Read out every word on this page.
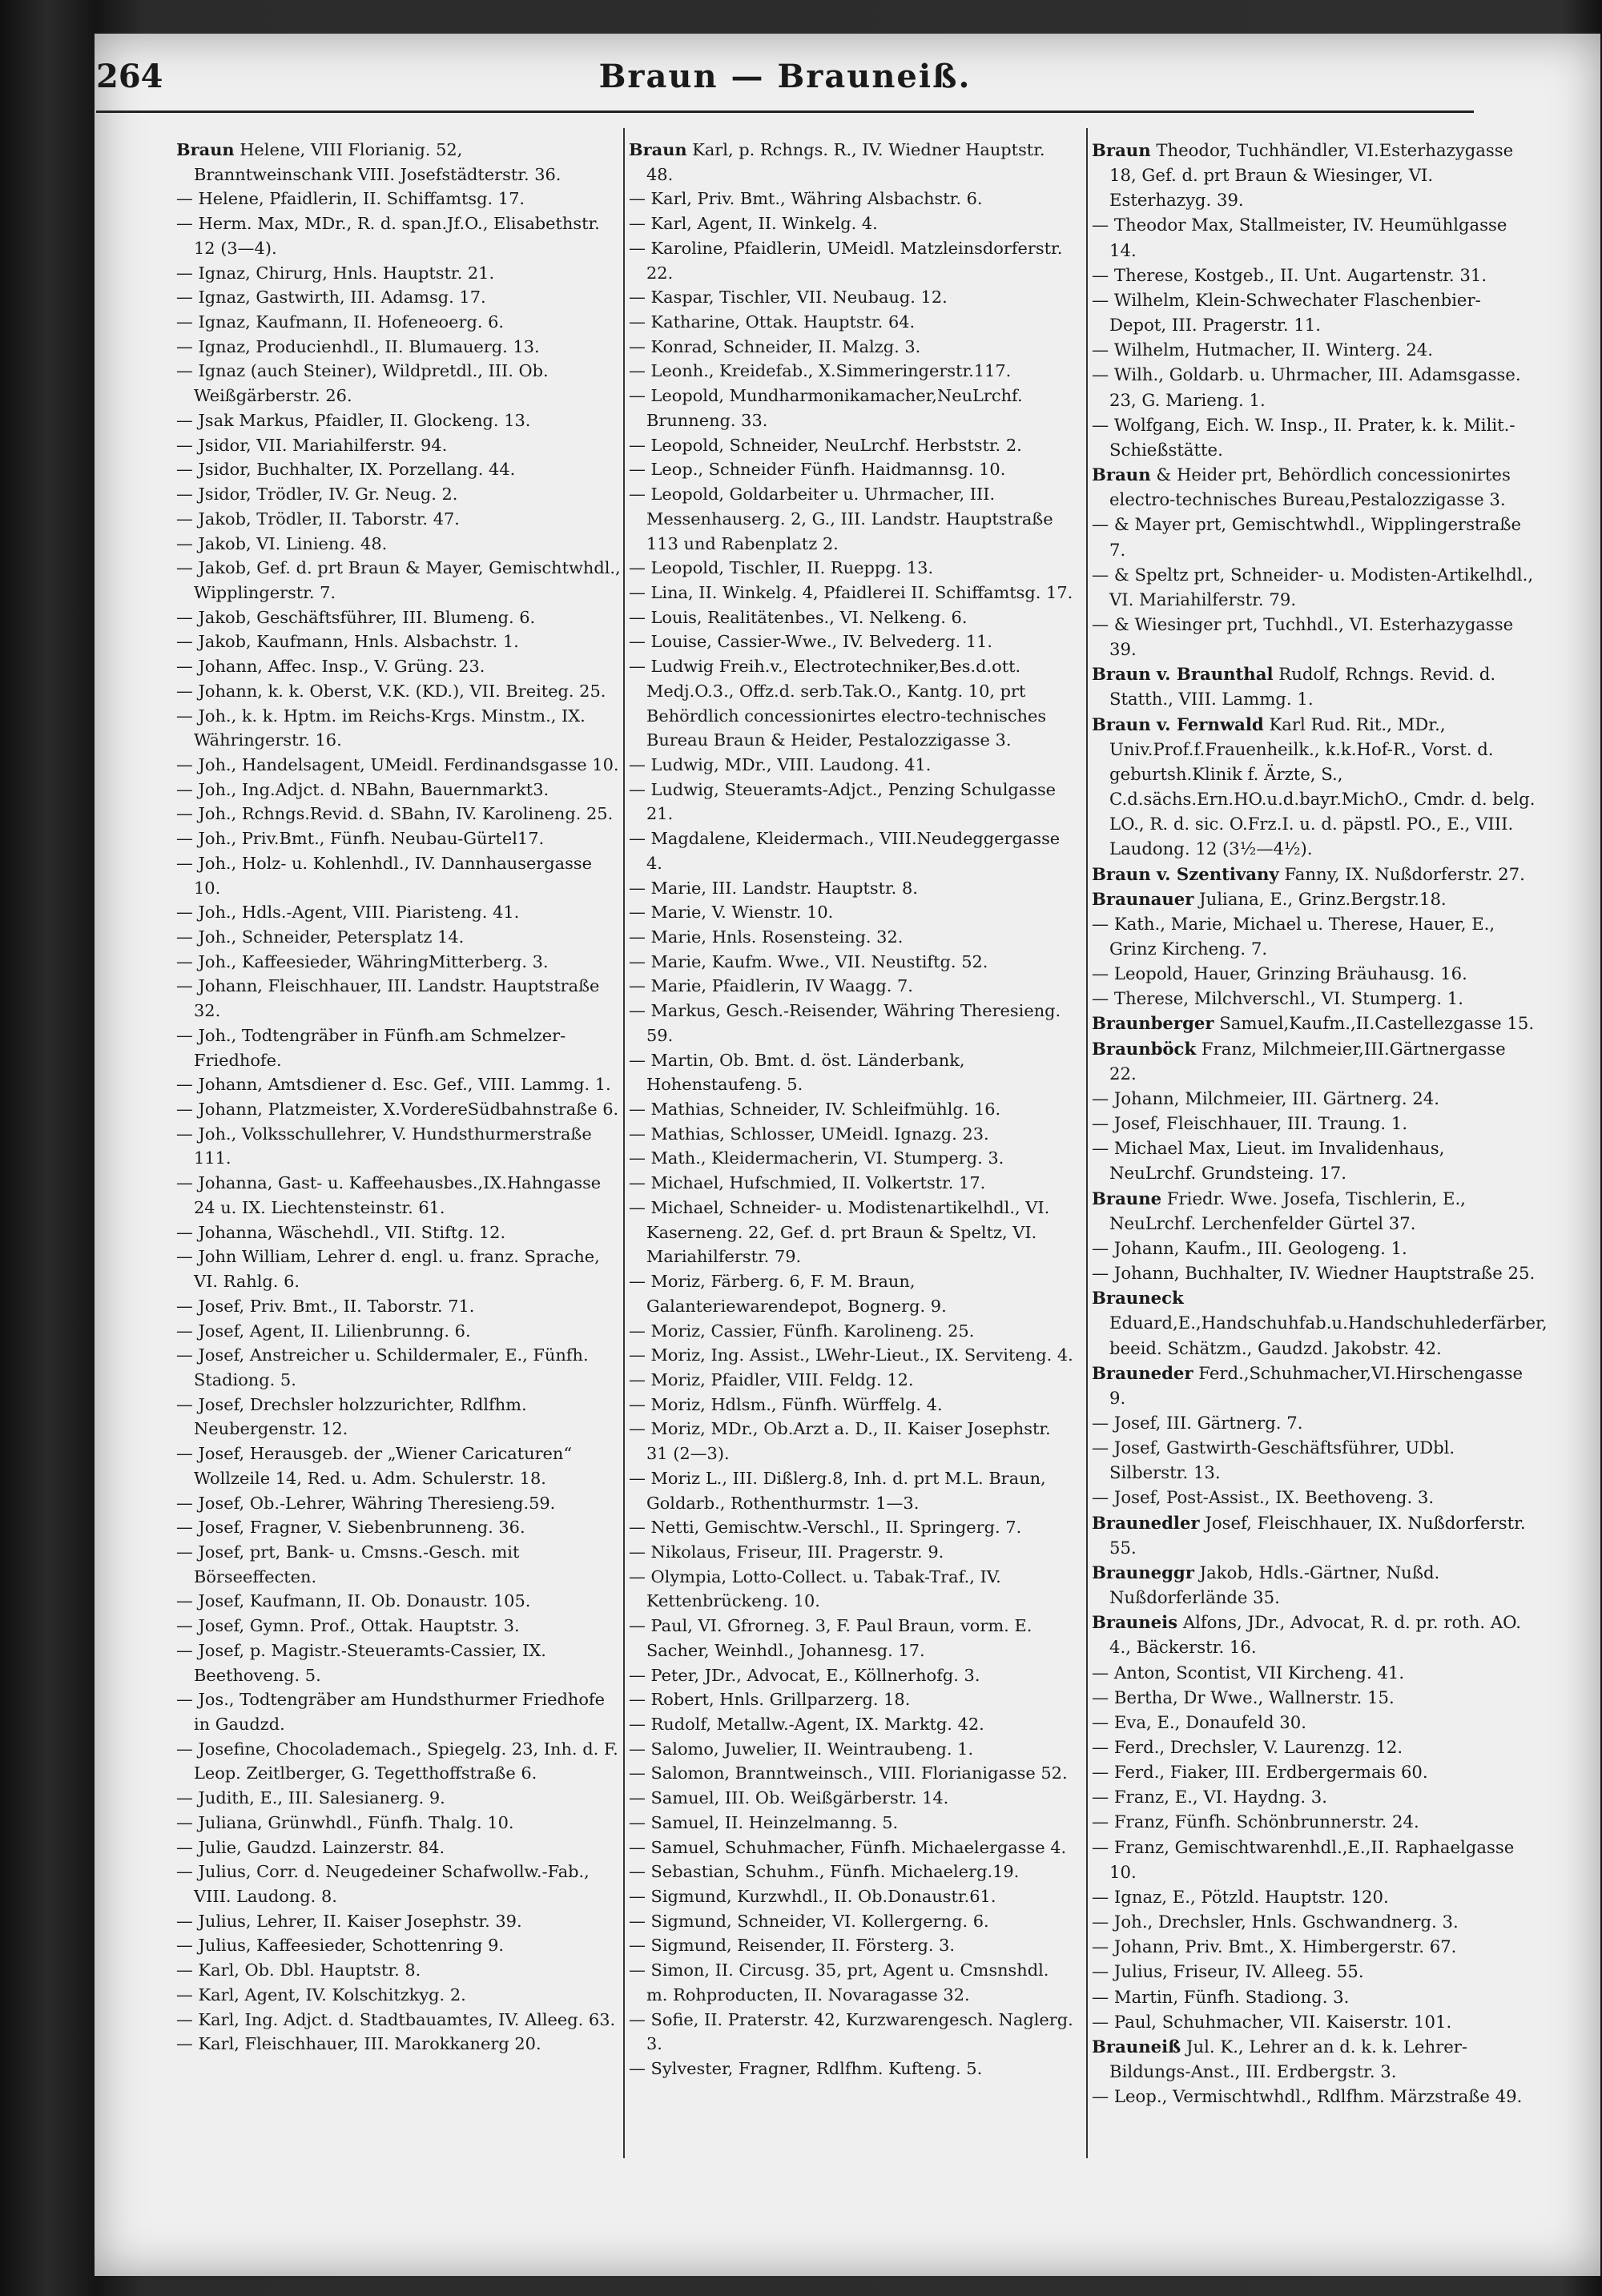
264	Braun — Brauneiß.
Braun Helene, VIII Florianig. 52, Branntweinschank VIII. Josefstädterstr. 36.
— Helene, Pfaidlerin, II. Schiffamtsg. 17.
— Herm. Max, MDr., R. d. span.Jf.O., Elisabethstr. 12 (3—4).
— Ignaz, Chirurg, Hnls. Hauptstr. 21.
— Ignaz, Gastwirth, III. Adamsg. 17.
— Ignaz, Kaufmann, II. Hofeneoerg. 6.
— Ignaz, Producienhdl., II. Blumauerg. 13.
— Ignaz (auch Steiner), Wildpretdl., III. Ob. Weißgärberstr. 26.
— Jsak Markus, Pfaidler, II. Glockeng. 13.
— Jsidor, VII. Mariahilferstr. 94.
— Jsidor, Buchhalter, IX. Porzellang. 44.
— Jsidor, Trödler, IV. Gr. Neug. 2.
— Jakob, Trödler, II. Taborstr. 47.
— Jakob, VI. Linieng. 48.
— Jakob, Gef. d. prt Braun & Mayer, Gemischtwhdl., Wipplingerstr. 7.
— Jakob, Geschäftsführer, III. Blumeng. 6.
— Jakob, Kaufmann, Hnls. Alsbachstr. 1.
— Johann, Affec. Insp., V. Grüng. 23.
— Johann, k. k. Oberst, V.K. (KD.), VII. Breiteg. 25.
— Joh., k. k. Hptm. im Reichs-Krgs. Minstm., IX. Währingerstr. 16.
— Joh., Handelsagent, UMeidl. Ferdinandsgasse 10.
— Joh., Ing.Adjct. d. NBahn, Bauernmarkt3.
— Joh., Rchngs.Revid. d. SBahn, IV. Karolineng. 25.
— Joh., Priv.Bmt., Fünfh. Neubau-Gürtel17.
— Joh., Holz- u. Kohlenhdl., IV. Dannhausergasse 10.
— Joh., Hdls.-Agent, VIII. Piaristeng. 41.
— Joh., Schneider, Petersplatz 14.
— Joh., Kaffeesieder, WähringMitterberg. 3.
— Johann, Fleischhauer, III. Landstr. Hauptstraße 32.
— Joh., Todtengräber in Fünfh.am Schmelzer-Friedhofe.
— Johann, Amtsdiener d. Esc. Gef., VIII. Lammg. 1.
— Johann, Platzmeister, X.VordereSüdbahnstraße 6.
— Joh., Volksschullehrer, V. Hundsthurmerstraße 111.
— Johanna, Gast- u. Kaffeehausbes.,IX.Hahngasse 24 u. IX. Liechtensteinstr. 61.
— Johanna, Wäschehdl., VII. Stiftg. 12.
— John William, Lehrer d. engl. u. franz. Sprache, VI. Rahlg. 6.
— Josef, Priv. Bmt., II. Taborstr. 71.
— Josef, Agent, II. Lilienbrunng. 6.
— Josef, Anstreicher u. Schildermaler, E., Fünfh. Stadiong. 5.
— Josef, Drechsler holzzurichter, Rdlfhm. Neubergenstr. 12.
— Josef, Herausgeb. der „Wiener Caricaturen“ Wollzeile 14, Red. u. Adm. Schulerstr. 18.
— Josef, Ob.-Lehrer, Währing Theresieng.59.
— Josef, Fragner, V. Siebenbrunneng. 36.
— Josef, prt, Bank- u. Cmsns.-Gesch. mit Börseeffecten.
— Josef, Kaufmann, II. Ob. Donaustr. 105.
— Josef, Gymn. Prof., Ottak. Hauptstr. 3.
— Josef, p. Magistr.-Steueramts-Cassier, IX. Beethoveng. 5.
— Jos., Todtengräber am Hundsthurmer Friedhofe in Gaudzd.
— Josefine, Chocolademach., Spiegelg. 23, Inh. d. F. Leop. Zeitlberger, G. Tegetthoffstraße 6.
— Judith, E., III. Salesianerg. 9.
— Juliana, Grünwhdl., Fünfh. Thalg. 10.
— Julie, Gaudzd. Lainzerstr. 84.
— Julius, Corr. d. Neugedeiner Schafwollw.-Fab., VIII. Laudong. 8.
— Julius, Lehrer, II. Kaiser Josephstr. 39.
— Julius, Kaffeesieder, Schottenring 9.
— Karl, Ob. Dbl. Hauptstr. 8.
— Karl, Agent, IV. Kolschitzkyg. 2.
— Karl, Ing. Adjct. d. Stadtbauamtes, IV. Alleeg. 63.
— Karl, Fleischhauer, III. Marokkanerg 20.
Braun Karl, p. Rchngs. R., IV. Wiedner Hauptstr. 48.
— Karl, Priv. Bmt., Währing Alsbachstr. 6.
— Karl, Agent, II. Winkelg. 4.
— Karoline, Pfaidlerin, UMeidl. Matzleinsdorferstr. 22.
— Kaspar, Tischler, VII. Neubaug. 12.
— Katharine, Ottak. Hauptstr. 64.
— Konrad, Schneider, II. Malzg. 3.
— Leonh., Kreidefab., X.Simmeringerstr.117.
— Leopold, Mundharmonikamacher,NeuLrchf. Brunneng. 33.
— Leopold, Schneider, NeuLrchf. Herbststr. 2.
— Leop., Schneider Fünfh. Haidmannsg. 10.
— Leopold, Goldarbeiter u. Uhrmacher, III. Messenhauserg. 2, G., III. Landstr. Hauptstraße 113 und Rabenplatz 2.
— Leopold, Tischler, II. Rueppg. 13.
— Lina, II. Winkelg. 4, Pfaidlerei II. Schiffamtsg. 17.
— Louis, Realitätenbes., VI. Nelkeng. 6.
— Louise, Cassier-Wwe., IV. Belvederg. 11.
— Ludwig Freih.v., Electrotechniker,Bes.d.ott. Medj.O.3., Offz.d. serb.Tak.O., Kantg. 10, prt Behördlich concessionirtes electro-technisches Bureau Braun & Heider, Pestalozzigasse 3.
— Ludwig, MDr., VIII. Laudong. 41.
— Ludwig, Steueramts-Adjct., Penzing Schulgasse 21.
— Magdalene, Kleidermach., VIII.Neudeggergasse 4.
— Marie, III. Landstr. Hauptstr. 8.
— Marie, V. Wienstr. 10.
— Marie, Hnls. Rosensteing. 32.
— Marie, Kaufm. Wwe., VII. Neustiftg. 52.
— Marie, Pfaidlerin, IV Waagg. 7.
— Markus, Gesch.-Reisender, Währing Theresieng. 59.
— Martin, Ob. Bmt. d. öst. Länderbank, Hohenstaufeng. 5.
— Mathias, Schneider, IV. Schleifmühlg. 16.
— Mathias, Schlosser, UMeidl. Ignazg. 23.
— Math., Kleidermacherin, VI. Stumperg. 3.
— Michael, Hufschmied, II. Volkertstr. 17.
— Michael, Schneider- u. Modistenartikelhdl., VI. Kaserneng. 22, Gef. d. prt Braun & Speltz, VI. Mariahilferstr. 79.
— Moriz, Färberg. 6, F. M. Braun, Galanteriewarendepot, Bognerg. 9.
— Moriz, Cassier, Fünfh. Karolineng. 25.
— Moriz, Ing. Assist., LWehr-Lieut., IX. Serviteng. 4.
— Moriz, Pfaidler, VIII. Feldg. 12.
— Moriz, Hdlsm., Fünfh. Würffelg. 4.
— Moriz, MDr., Ob.Arzt a. D., II. Kaiser Josephstr. 31 (2—3).
— Moriz L., III. Dißlerg.8, Inh. d. prt M.L. Braun, Goldarb., Rothenthurmstr. 1—3.
— Netti, Gemischtw.-Verschl., II. Springerg. 7.
— Nikolaus, Friseur, III. Pragerstr. 9.
— Olympia, Lotto-Collect. u. Tabak-Traf., IV. Kettenbrückeng. 10.
— Paul, VI. Gfrorneg. 3, F. Paul Braun, vorm. E. Sacher, Weinhdl., Johannesg. 17.
— Peter, JDr., Advocat, E., Köllnerhofg. 3.
— Robert, Hnls. Grillparzerg. 18.
— Rudolf, Metallw.-Agent, IX. Marktg. 42.
— Salomo, Juwelier, II. Weintraubeng. 1.
— Salomon, Branntweinsch., VIII. Florianigasse 52.
— Samuel, III. Ob. Weißgärberstr. 14.
— Samuel, II. Heinzelmanng. 5.
— Samuel, Schuhmacher, Fünfh. Michaelergasse 4.
— Sebastian, Schuhm., Fünfh. Michaelerg.19.
— Sigmund, Kurzwhdl., II. Ob.Donaustr.61.
— Sigmund, Schneider, VI. Kollergerng. 6.
— Sigmund, Reisender, II. Försterg. 3.
— Simon, II. Circusg. 35, prt, Agent u. Cmsnshdl. m. Rohproducten, II. Novaragasse 32.
— Sofie, II. Praterstr. 42, Kurzwarengesch. Naglerg. 3.
— Sylvester, Fragner, Rdlfhm. Kufteng. 5.
Braun Theodor, Tuchhändler, VI.Esterhazygasse 18, Gef. d. prt Braun & Wiesinger, VI. Esterhazyg. 39.
— Theodor Max, Stallmeister, IV. Heumühlgasse 14.
— Therese, Kostgeb., II. Unt. Augartenstr. 31.
— Wilhelm, Klein-Schwechater Flaschenbier-Depot, III. Pragerstr. 11.
— Wilhelm, Hutmacher, II. Winterg. 24.
— Wilh., Goldarb. u. Uhrmacher, III. Adamsgasse. 23, G. Marieng. 1.
— Wolfgang, Eich. W. Insp., II. Prater, k. k. Milit.-Schießstätte.
Braun & Heider prt, Behördlich concessionirtes electro-technisches Bureau,Pestalozzigasse 3.
— & Mayer prt, Gemischtwhdl., Wipplingerstraße 7.
— & Speltz prt, Schneider- u. Modisten-Artikelhdl., VI. Mariahilferstr. 79.
— & Wiesinger prt, Tuchhdl., VI. Esterhazygasse 39.
Braun v. Braunthal Rudolf, Rchngs. Revid. d. Statth., VIII. Lammg. 1.
Braun v. Fernwald Karl Rud. Rit., MDr., Univ.Prof.f.Frauenheilk., k.k.Hof-R., Vorst. d. geburtsh.Klinik f. Ärzte, S., C.d.sächs.Ern.HO.u.d.bayr.MichO., Cmdr. d. belg. LO., R. d. sic. O.Frz.I. u. d. päpstl. PO., E., VIII. Laudong. 12 (3½—4½).
Braun v. Szentivany Fanny, IX. Nußdorferstr. 27.
Braunauer Juliana, E., Grinz.Bergstr.18.
— Kath., Marie, Michael u. Therese, Hauer, E., Grinz Kircheng. 7.
— Leopold, Hauer, Grinzing Bräuhausg. 16.
— Therese, Milchverschl., VI. Stumperg. 1.
Braunberger Samuel,Kaufm.,II.Castellezgasse 15.
Braunböck Franz, Milchmeier,III.Gärtnergasse 22.
— Johann, Milchmeier, III. Gärtnerg. 24.
— Josef, Fleischhauer, III. Traung. 1.
— Michael Max, Lieut. im Invalidenhaus, NeuLrchf. Grundsteing. 17.
Braune Friedr. Wwe. Josefa, Tischlerin, E., NeuLrchf. Lerchenfelder Gürtel 37.
— Johann, Kaufm., III. Geologeng. 1.
— Johann, Buchhalter, IV. Wiedner Hauptstraße 25.
Brauneck Eduard,E.,Handschuhfab.u.Handschuhlederfärber, beeid. Schätzm., Gaudzd. Jakobstr. 42.
Brauneder Ferd.,Schuhmacher,VI.Hirschengasse 9.
— Josef, III. Gärtnerg. 7.
— Josef, Gastwirth-Geschäftsführer, UDbl. Silberstr. 13.
— Josef, Post-Assist., IX. Beethoveng. 3.
Braunedler Josef, Fleischhauer, IX. Nußdorferstr. 55.
Brauneggr Jakob, Hdls.-Gärtner, Nußd. Nußdorferlände 35.
Brauneis Alfons, JDr., Advocat, R. d. pr. roth. AO. 4., Bäckerstr. 16.
— Anton, Scontist, VII Kircheng. 41.
— Bertha, Dr Wwe., Wallnerstr. 15.
— Eva, E., Donaufeld 30.
— Ferd., Drechsler, V. Laurenzg. 12.
— Ferd., Fiaker, III. Erdbergermais 60.
— Franz, E., VI. Haydng. 3.
— Franz, Fünfh. Schönbrunnerstr. 24.
— Franz, Gemischtwarenhdl.,E.,II. Raphaelgasse 10.
— Ignaz, E., Pötzld. Hauptstr. 120.
— Joh., Drechsler, Hnls. Gschwandnerg. 3.
— Johann, Priv. Bmt., X. Himbergerstr. 67.
— Julius, Friseur, IV. Alleeg. 55.
— Martin, Fünfh. Stadiong. 3.
— Paul, Schuhmacher, VII. Kaiserstr. 101.
Brauneiß Jul. K., Lehrer an d. k. k. Lehrer-Bildungs-Anst., III. Erdbergstr. 3.
— Leop., Vermischtwhdl., Rdlfhm. Märzstraße 49.
